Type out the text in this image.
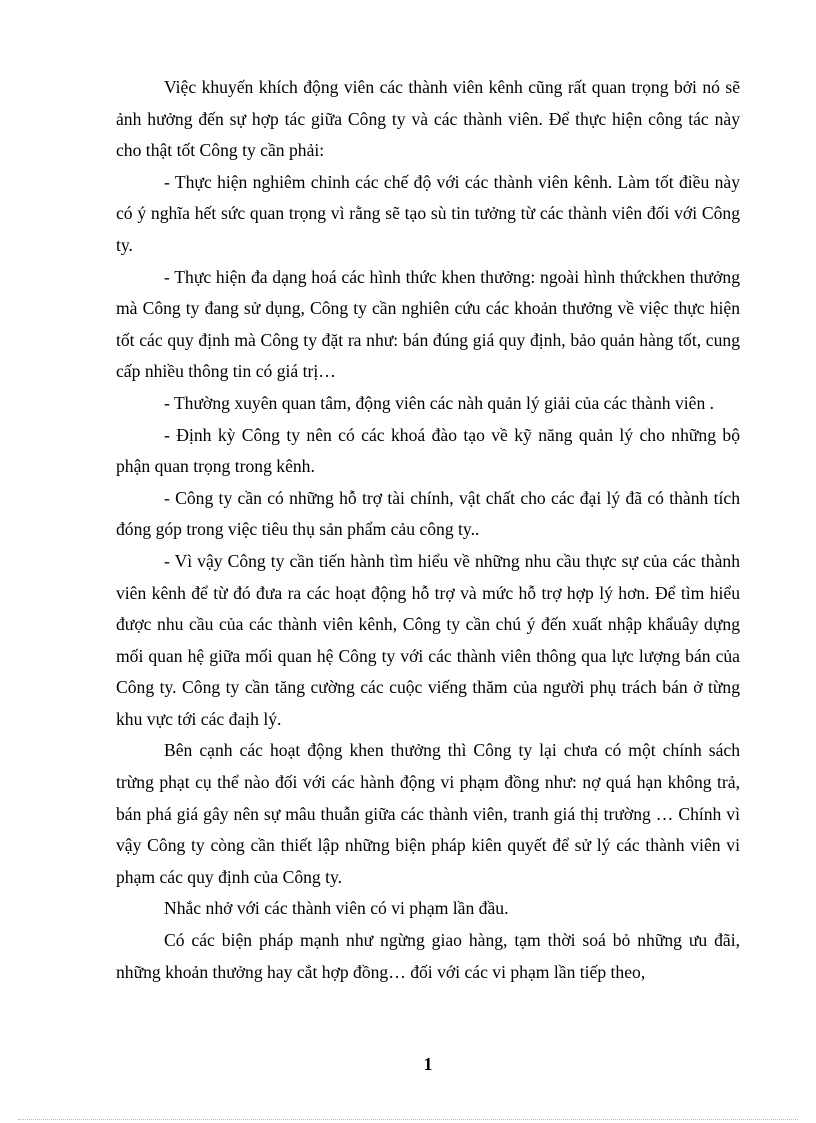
Việc khuyến khích động viên các thành viên kênh cũng rất quan trọng bởi nó sẽ ảnh hưởng đến sự hợp tác giữa Công ty và các thành viên. Để thực hiện công tác này cho thật tốt Công ty cần phải:

- Thực hiện nghiêm chỉnh các chế độ với các thành viên kênh. Làm tốt điều này có ý nghĩa hết sức quan trọng vì rằng sẽ tạo sù tin tưởng từ các thành viên đối với Công ty.

- Thực hiện đa dạng hoá các hình thức khen thưởng: ngoài hình thứckhen thưởng mà Công ty đang sử dụng, Công ty cần nghiên cứu các khoản thưởng về việc thực hiện tốt các quy định mà Công ty đặt ra như: bán đúng giá quy định, bảo quản hàng tốt, cung cấp nhiều thông tin có giá trị…

- Thường xuyên quan tâm, động viên các nàh quản lý giải của các thành viên .

- Định kỳ Công ty nên có các khoá đào tạo về kỹ năng quản lý cho những bộ phận quan trọng trong kênh.

- Công ty cần có những hỗ trợ tài chính, vật chất cho các đại lý đã có thành tích đóng góp trong việc tiêu thụ sản phẩm cảu công ty..

- Vì vậy Công ty cần tiến hành tìm hiểu về những nhu cầu thực sự của các thành viên kênh để từ đó đưa ra các hoạt động hỗ trợ và mức hỗ trợ hợp lý hơn. Để tìm hiểu được nhu cầu của các thành viên kênh, Công ty cần chú ý đến xuất nhập khẩuây dựng mối quan hệ giữa mối quan hệ Công ty với các thành viên thông qua lực lượng bán của Công ty. Công ty cần tăng cường các cuộc viếng thăm của người phụ trách bán ở từng khu vực tới các đaịh lý.

Bên cạnh các hoạt động khen thưởng thì Công ty lại chưa có một chính sách trừng phạt cụ thể nào đối với các hành động vi phạm đồng như: nợ quá hạn không trả, bán phá giá gây nên sự mâu thuẫn giữa các thành viên, tranh giá thị trường … Chính vì vậy Công ty còng cần thiết lập những biện pháp kiên quyết để sử lý các thành viên vi phạm các quy định của Công ty.

Nhắc nhở với các thành viên có vi phạm lần đầu.

Có các biện pháp mạnh như ngừng giao hàng, tạm thời soá bỏ những ưu đãi, những khoản thưởng hay cắt hợp đồng… đối với các vi phạm lần tiếp theo,

1
